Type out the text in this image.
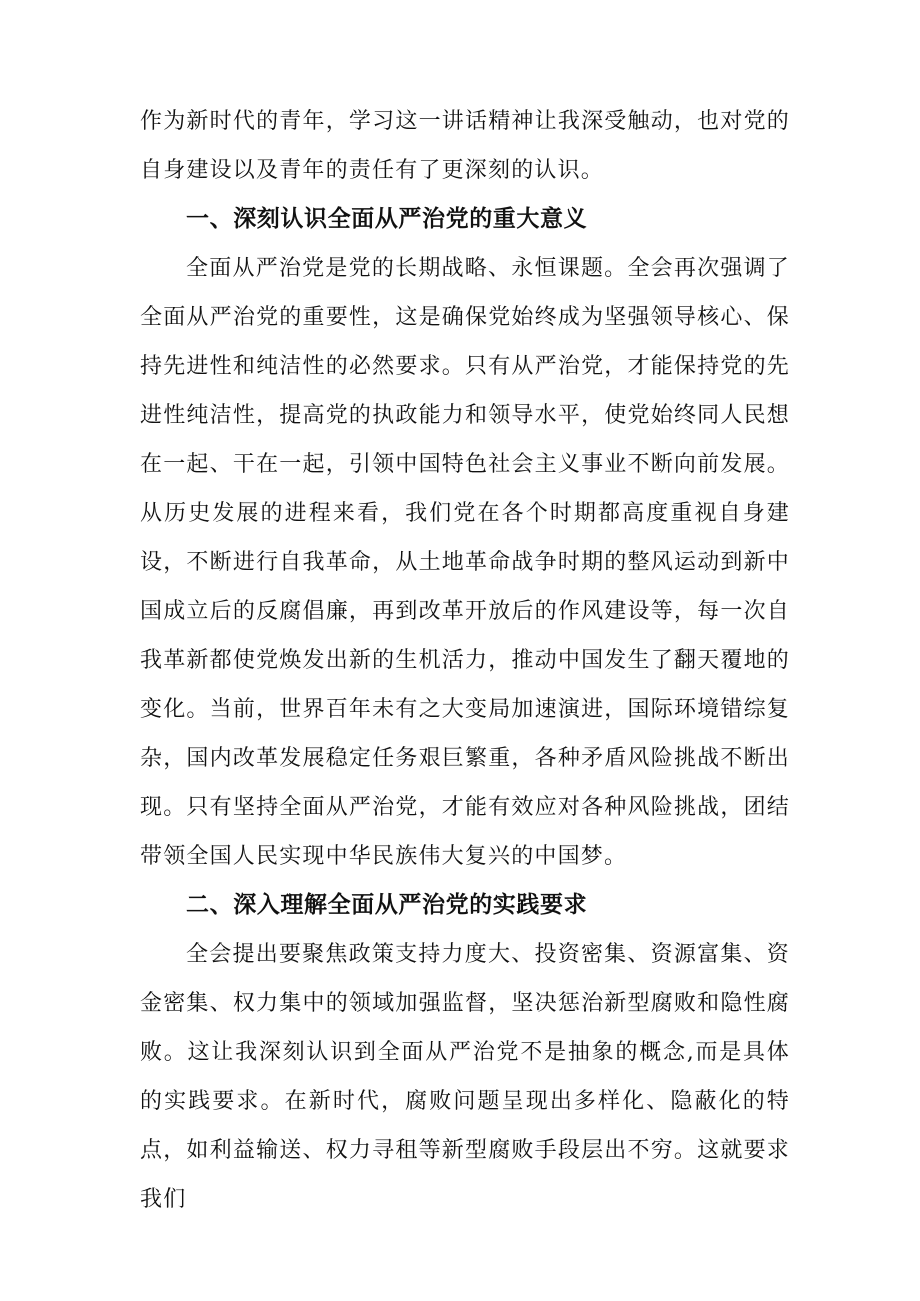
作为新时代的青年，学习这一讲话精神让我深受触动，也对党的自身建设以及青年的责任有了更深刻的认识。

一、深刻认识全面从严治党的重大意义

全面从严治党是党的长期战略、永恒课题。全会再次强调了全面从严治党的重要性，这是确保党始终成为坚强领导核心、保持先进性和纯洁性的必然要求。只有从严治党，才能保持党的先进性纯洁性，提高党的执政能力和领导水平，使党始终同人民想在一起、干在一起，引领中国特色社会主义事业不断向前发展。从历史发展的进程来看，我们党在各个时期都高度重视自身建设，不断进行自我革命，从土地革命战争时期的整风运动到新中国成立后的反腐倡廉，再到改革开放后的作风建设等，每一次自我革新都使党焕发出新的生机活力，推动中国发生了翻天覆地的变化。当前，世界百年未有之大变局加速演进，国际环境错综复杂，国内改革发展稳定任务艰巨繁重，各种矛盾风险挑战不断出现。只有坚持全面从严治党，才能有效应对各种风险挑战，团结带领全国人民实现中华民族伟大复兴的中国梦。

二、深入理解全面从严治党的实践要求

全会提出要聚焦政策支持力度大、投资密集、资源富集、资金密集、权力集中的领域加强监督，坚决惩治新型腐败和隐性腐败。这让我深刻认识到全面从严治党不是抽象的概念,而是具体的实践要求。在新时代，腐败问题呈现出多样化、隐蔽化的特点，如利益输送、权力寻租等新型腐败手段层出不穷。这就要求我们
